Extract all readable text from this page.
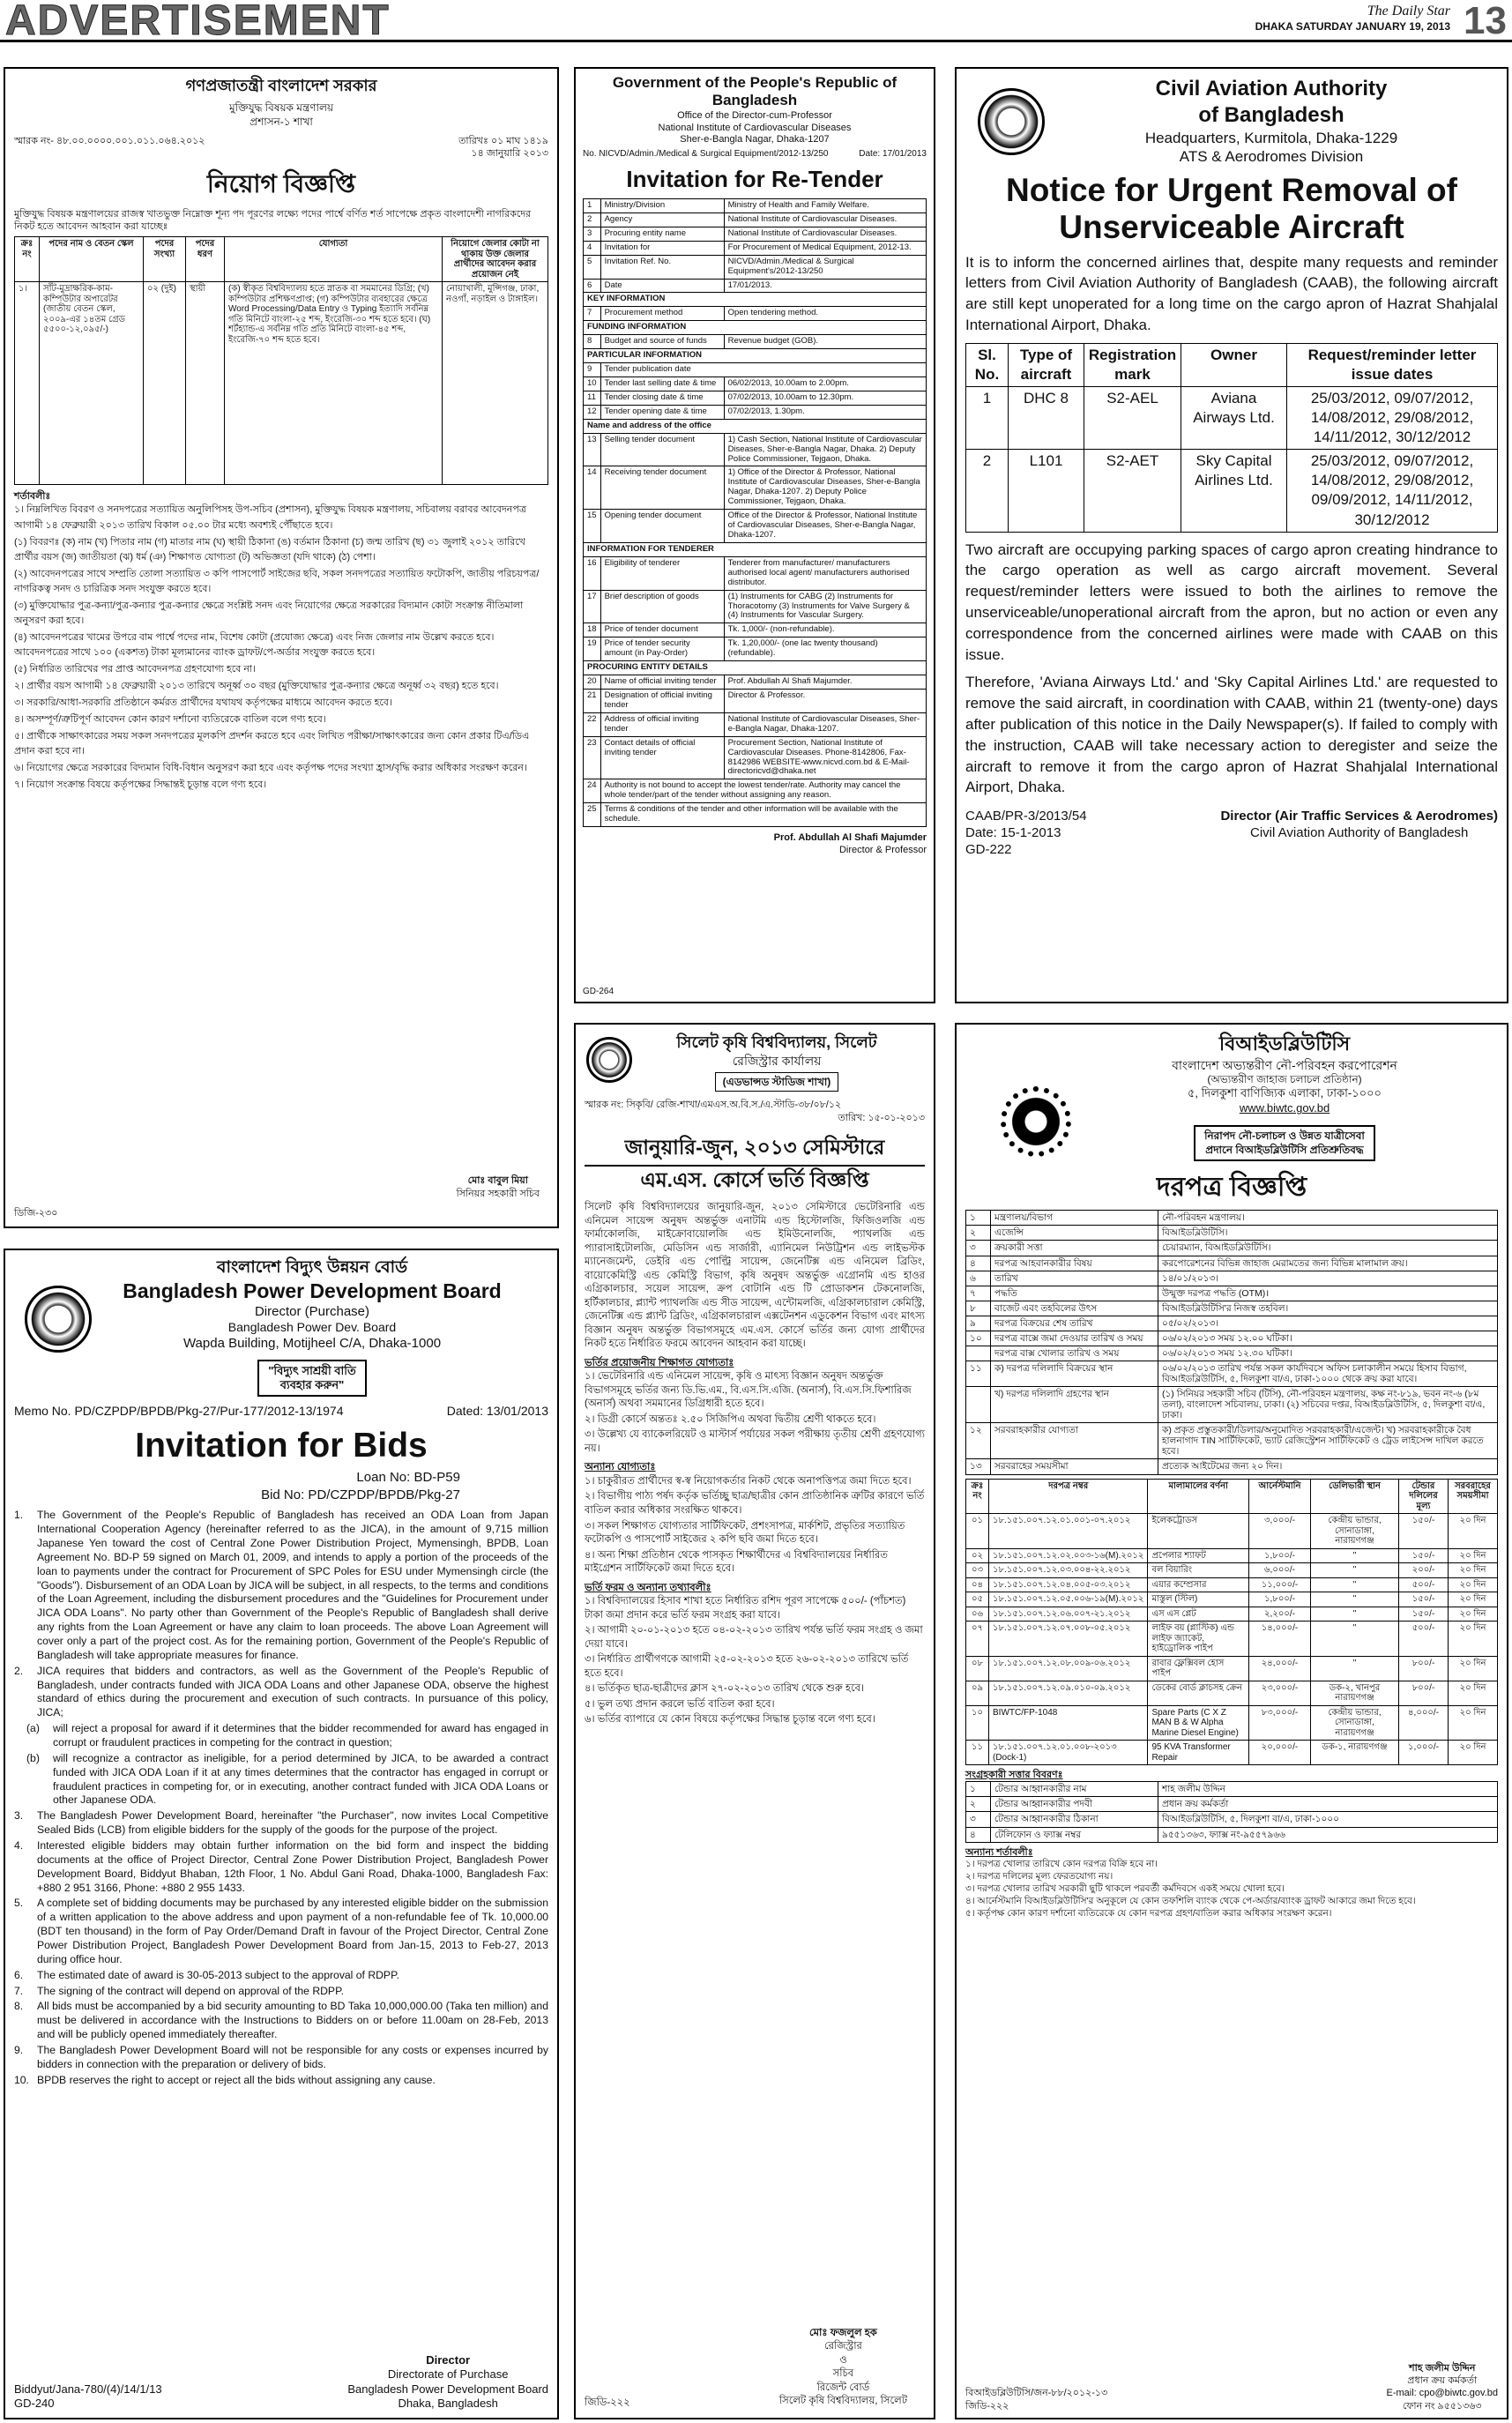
ADVERTISEMENT	The Daily Star
DHAKA SATURDAY JANUARY 19, 2013 13
গণপ্রজাতন্ত্রী বাংলাদেশ সরকার
মুক্তিযুদ্ধ বিষয়ক মন্ত্রণালয়
প্রশাসন-১ শাখা
স্মারক নং- ৪৮.০০.০০০০.০০১.০১১.০৬৪.২০১২	তারিখঃ ০১ মাঘ ১৪১৯
১৪ জানুয়ারি ২০১৩
নিয়োগ বিজ্ঞপ্তি
মুক্তিযুদ্ধ বিষয়ক মন্ত্রণালয়ের রাজস্ব খাতভুক্ত নিম্নোক্ত শূন্য পদ পূরণের লক্ষ্যে পদের পার্শ্বে বর্ণিত শর্ত সাপেক্ষে প্রকৃত বাংলাদেশী নাগরিকদের নিকট হতে আবেদন আহবান করা যাচ্ছেঃ
ক্রঃ নং	পদের নাম ও বেতন স্কেল	পদের সংখ্যা	পদের ধরণ	যোগ্যতা	নিয়োগে জেলার কোটা না থাকায় উক্ত জেলার প্রার্থীদের আবেদন করার প্রয়োজন নেই
১।	সাঁট-মুদ্রাক্ষরিক-কাম-কম্পিউটার অপারেটর (জাতীয় বেতন স্কেল, ২০০৯-এর ১৪তম গ্রেড ৫৫০০-১২,০৯৫/-)	০২ (দুই)	স্থায়ী	(ক) স্বীকৃত বিশ্ববিদ্যালয় হতে স্নাতক বা সমমানের ডিগ্রি; (খ) কম্পিউটার প্রশিক্ষণপ্রাপ্ত; (গ) কম্পিউটার ব্যবহারের ক্ষেত্রে Word Processing/Data Entry ও Typing ইত্যাদি সর্বনিম্ন গতি মিনিটে বাংলা-২৫ শব্দ, ইংরেজি-৩০ শব্দ হতে হবে। (ঘ) শর্টহ্যান্ড-এ সর্বনিম্ন গতি প্রতি মিনিটে বাংলা-৪৫ শব্দ, ইংরেজি-৭০ শব্দ হতে হবে।	নোয়াখালী, মুন্সিগঞ্জ, ঢাকা, নওগাঁ, নড়াইল ও টাঙ্গাইল।
শর্তাবলীঃ

১। নিম্নলিখিত বিবরণ ও সনদপত্রের সত্যায়িত অনুলিপিসহ উপ-সচিব (প্রশাসন), মুক্তিযুদ্ধ বিষয়ক মন্ত্রণালয়, সচিবালয় বরাবর আবেদনপত্র আগামী ১৪ ফেব্রুয়ারী ২০১৩ তারিখ বিকাল ০৫.০০ টার মধ্যে অবশ্যই পৌঁছাতে হবে।

(১) বিবরণঃ (ক) নাম (খ) পিতার নাম (গ) মাতার নাম (ঘ) স্থায়ী ঠিকানা (ঙ) বর্তমান ঠিকানা (চ) জন্ম তারিখ (ছ) ৩১ জুলাই ২০১২ তারিখে প্রার্থীর বয়স (জ) জাতীয়তা (ঝ) ধর্ম (ঞ) শিক্ষাগত যোগ্যতা (ট) অভিজ্ঞতা (যদি থাকে) (ঠ) পেশা।

(২) আবেদনপত্রের সাথে সম্প্রতি তোলা সত্যায়িত ৩ কপি পাসপোর্ট সাইজের ছবি, সকল সনদপত্রের সত্যায়িত ফটোকপি, জাতীয় পরিচয়পত্র/নাগরিকত্ব সনদ ও চারিত্রিক সনদ সংযুক্ত করতে হবে।

(৩) মুক্তিযোদ্ধার পুত্র-কন্যা/পুত্র-কন্যার পুত্র-কন্যার ক্ষেত্রে সংশ্লিষ্ট সনদ এবং নিয়োগের ক্ষেত্রে সরকারের বিদ্যমান কোটা সংক্রান্ত নীতিমালা অনুসরণ করা হবে।

(৪) আবেদনপত্রের খামের উপরে বাম পার্শ্বে পদের নাম, বিশেষ কোটা (প্রযোজ্য ক্ষেত্রে) এবং নিজ জেলার নাম উল্লেখ করতে হবে। আবেদনপত্রের সাথে ১০০ (একশত) টাকা মূল্যমানের ব্যাংক ড্রাফট/পে-অর্ডার সংযুক্ত করতে হবে।

(৫) নির্ধারিত তারিখের পর প্রাপ্ত আবেদনপত্র গ্রহণযোগ্য হবে না।

২। প্রার্থীর বয়স আগামী ১৪ ফেব্রুয়ারী ২০১৩ তারিখে অনূর্ধ্ব ৩০ বছর (মুক্তিযোদ্ধার পুত্র-কন্যার ক্ষেত্রে অনূর্ধ্ব ৩২ বছর) হতে হবে।

৩। সরকারি/আধা-সরকারি প্রতিষ্ঠানে কর্মরত প্রার্থীদের যথাযথ কর্তৃপক্ষের মাধ্যমে আবেদন করতে হবে।

৪। অসম্পূর্ণ/ত্রুটিপূর্ণ আবেদন কোন কারণ দর্শানো ব্যতিরেকে বাতিল বলে গণ্য হবে।

৫। প্রার্থীকে সাক্ষাৎকারের সময় সকল সনদপত্রের মূলকপি প্রদর্শন করতে হবে এবং লিখিত পরীক্ষা/সাক্ষাৎকারের জন্য কোন প্রকার টিএ/ডিএ প্রদান করা হবে না।

৬। নিয়োগের ক্ষেত্রে সরকারের বিদ্যমান বিধি-বিধান অনুসরণ করা হবে এবং কর্তৃপক্ষ পদের সংখ্যা হ্রাস/বৃদ্ধি করার অধিকার সংরক্ষণ করেন।

৭। নিয়োগ সংক্রান্ত বিষয়ে কর্তৃপক্ষের সিদ্ধান্তই চূড়ান্ত বলে গণ্য হবে।

মোঃ বাবুল মিয়া
সিনিয়র সহকারী সচিব
ডিজি-২৩০
Government of the People's Republic of Bangladesh
Office of the Director-cum-Professor
National Institute of Cardiovascular Diseases
Sher-e-Bangla Nagar, Dhaka-1207
No. NICVD/Admin./Medical & Surgical Equipment/2012-13/250	Date: 17/01/2013
Invitation for Re-Tender
1	Ministry/Division	Ministry of Health and Family Welfare.
2	Agency	National Institute of Cardiovascular Diseases.
3	Procuring entity name	National Institute of Cardiovascular Diseases.
4	Invitation for	For Procurement of Medical Equipment, 2012-13.
5	Invitation Ref. No.	NICVD/Admin./Medical & Surgical Equipment's/2012-13/250
6	Date	17/01/2013.
KEY INFORMATION		
7	Procurement method	Open tendering method.
FUNDING INFORMATION		
8	Budget and source of funds	Revenue budget (GOB).
PARTICULAR INFORMATION		
9	Tender publication date	
10	Tender last selling date & time	06/02/2013, 10.00am to 2.00pm.
11	Tender closing date & time	07/02/2013, 10.00am to 12.30pm.
12	Tender opening date & time	07/02/2013, 1.30pm.
Name and address of the office		
13	Selling tender document	1) Cash Section, National Institute of Cardiovascular Diseases, Sher-e-Bangla Nagar, Dhaka. 2) Deputy Police Commissioner, Tejgaon, Dhaka.
14	Receiving tender document	1) Office of the Director & Professor, National Institute of Cardiovascular Diseases, Sher-e-Bangla Nagar, Dhaka-1207. 2) Deputy Police Commissioner, Tejgaon, Dhaka.
15	Opening tender document	Office of the Director & Professor, National Institute of Cardiovascular Diseases, Sher-e-Bangla Nagar, Dhaka-1207.
INFORMATION FOR TENDERER		
16	Eligibility of tenderer	Tenderer from manufacturer/ manufacturers authorised local agent/ manufacturers authorised distributor.
17	Brief description of goods	(1) Instruments for CABG (2) Instruments for Thoracotomy (3) Instruments for Valve Surgery & (4) Instruments for Vascular Surgery.
18	Price of tender document	Tk. 1,000/- (non-refundable).
19	Price of tender security amount (in Pay-Order)	Tk. 1,20,000/- (one lac twenty thousand) (refundable).
PROCURING ENTITY DETAILS		
20	Name of official inviting tender	Prof. Abdullah Al Shafi Majumder.
21	Designation of official inviting tender	Director & Professor.
22	Address of official inviting tender	National Institute of Cardiovascular Diseases, Sher-e-Bangla Nagar, Dhaka-1207.
23	Contact details of official inviting tender	Procurement Section, National Institute of Cardiovascular Diseases. Phone-8142806, Fax-8142986 WEBSITE-www.nicvd.com.bd & E-Mail-directoricvd@dhaka.net
24	Authority is not bound to accept the lowest tender/rate. Authority may cancel the whole tender/part of the tender without assigning any reason.	
25	Terms & conditions of the tender and other information will be available with the schedule.	
Prof. Abdullah Al Shafi Majumder
Director & Professor
GD-264
Civil Aviation Authority
of Bangladesh
Headquarters, Kurmitola, Dhaka-1229
ATS & Aerodromes Division
Notice for Urgent Removal of
Unserviceable Aircraft
It is to inform the concerned airlines that, despite many requests and reminder letters from Civil Aviation Authority of Bangladesh (CAAB), the following aircraft are still kept unoperated for a long time on the cargo apron of Hazrat Shahjalal International Airport, Dhaka.
Sl. No.	Type of aircraft	Registration mark	Owner	Request/reminder letter issue dates
1	DHC 8	S2-AEL	Aviana Airways Ltd.	25/03/2012, 09/07/2012, 14/08/2012, 29/08/2012, 14/11/2012, 30/12/2012
2	L101	S2-AET	Sky Capital Airlines Ltd.	25/03/2012, 09/07/2012, 14/08/2012, 29/08/2012, 09/09/2012, 14/11/2012, 30/12/2012
Two aircraft are occupying parking spaces of cargo apron creating hindrance to the cargo operation as well as cargo aircraft movement. Several request/reminder letters were issued to both the airlines to remove the unserviceable/unoperational aircraft from the apron, but no action or even any correspondence from the concerned airlines were made with CAAB on this issue.
Therefore, 'Aviana Airways Ltd.' and 'Sky Capital Airlines Ltd.' are requested to remove the said aircraft, in coordination with CAAB, within 21 (twenty-one) days after publication of this notice in the Daily Newspaper(s). If failed to comply with the instruction, CAAB will take necessary action to deregister and seize the aircraft to remove it from the cargo apron of Hazrat Shahjalal International Airport, Dhaka.
CAAB/PR-3/2013/54
Date: 15-1-2013
GD-222
Director (Air Traffic Services & Aerodromes)
Civil Aviation Authority of Bangladesh
বাংলাদেশ বিদ্যুৎ উন্নয়ন বোর্ড
Bangladesh Power Development Board
Director (Purchase)
Bangladesh Power Dev. Board
Wapda Building, Motijheel C/A, Dhaka-1000
"বিদ্যুৎ সাশ্রয়ী বাতি
ব্যবহার করুন"
Memo No. PD/CZPDP/BPDB/Pkg-27/Pur-177/2012-13/1974	Dated: 13/01/2013
Invitation for Bids
Loan No: BD-P59
Bid No: PD/CZPDP/BPDB/Pkg-27
1.	The Government of the People's Republic of Bangladesh has received an ODA Loan from Japan International Cooperation Agency (hereinafter referred to as the JICA), in the amount of 9,715 million Japanese Yen toward the cost of Central Zone Power Distribution Project, Mymensingh, BPDB, Loan Agreement No. BD-P 59 signed on March 01, 2009, and intends to apply a portion of the proceeds of the loan to payments under the contract for Procurement of SPC Poles for ESU under Mymensingh circle (the "Goods"). Disbursement of an ODA Loan by JICA will be subject, in all respects, to the terms and conditions of the Loan Agreement, including the disbursement procedures and the "Guidelines for Procurement under JICA ODA Loans". No party other than Government of the People's Republic of Bangladesh shall derive any rights from the Loan Agreement or have any claim to loan proceeds. The above Loan Agreement will cover only a part of the project cost. As for the remaining portion, Government of the People's Republic of Bangladesh will take appropriate measures for finance.
2.	JICA requires that bidders and contractors, as well as the Government of the People's Republic of Bangladesh, under contracts funded with JICA ODA Loans and other Japanese ODA, observe the highest standard of ethics during the procurement and execution of such contracts. In pursuance of this policy, JICA;
(a)	will reject a proposal for award if it determines that the bidder recommended for award has engaged in corrupt or fraudulent practices in competing for the contract in question;
(b)	will recognize a contractor as ineligible, for a period determined by JICA, to be awarded a contract funded with JICA ODA Loan if it at any times determines that the contractor has engaged in corrupt or fraudulent practices in competing for, or in executing, another contract funded with JICA ODA Loans or other Japanese ODA.
3.	The Bangladesh Power Development Board, hereinafter "the Purchaser", now invites Local Competitive Sealed Bids (LCB) from eligible bidders for the supply of the goods for the purpose of the project.
4.	Interested eligible bidders may obtain further information on the bid form and inspect the bidding documents at the office of Project Director, Central Zone Power Distribution Project, Bangladesh Power Development Board, Biddyut Bhaban, 12th Floor, 1 No. Abdul Gani Road, Dhaka-1000, Bangladesh Fax: +880 2 951 3166, Phone: +880 2 955 1433.
5.	A complete set of bidding documents may be purchased by any interested eligible bidder on the submission of a written application to the above address and upon payment of a non-refundable fee of Tk. 10,000.00 (BDT ten thousand) in the form of Pay Order/Demand Draft in favour of the Project Director, Central Zone Power Distribution Project, Bangladesh Power Development Board from Jan-15, 2013 to Feb-27, 2013 during office hour.
6.	The estimated date of award is 30-05-2013 subject to the approval of RDPP.
7.	The signing of the contract will depend on approval of the RDPP.
8.	All bids must be accompanied by a bid security amounting to BD Taka 10,000,000.00 (Taka ten million) and must be delivered in accordance with the Instructions to Bidders on or before 11.00am on 28-Feb, 2013 and will be publicly opened immediately thereafter.
9.	The Bangladesh Power Development Board will not be responsible for any costs or expenses incurred by bidders in connection with the preparation or delivery of bids.
10. BPDB reserves the right to accept or reject all the bids without assigning any cause.
Biddyut/Jana-780/(4)/14/1/13
GD-240
Director
Directorate of Purchase
Bangladesh Power Development Board
Dhaka, Bangladesh
সিলেট কৃষি বিশ্ববিদ্যালয়, সিলেট
রেজিস্ট্রার কার্যালয়
(এডভান্সড স্টাডিজ শাখা)
স্মারক নং: সিকৃবি/ রেজি-শাখা/এমএস.অ.বি.স./এ.স্টাডি-৩৮/০৮/১২
তারিখ: ১৫-০১-২০১৩
জানুয়ারি-জুন, ২০১৩ সেমিস্টারে
এম.এস. কোর্সে ভর্তি বিজ্ঞপ্তি
সিলেট কৃষি বিশ্ববিদ্যালয়ের জানুয়ারি-জুন, ২০১৩ সেমিস্টারে ভেটেরিনারি এন্ড এনিমেল সায়েন্স অনুষদ অন্তর্ভুক্ত এনাটমি এন্ড হিস্টোলজি, ফিজিওলজি এন্ড ফার্মাকোলজি, মাইক্রোবায়োলজি এন্ড ইমিউনোলজি, প্যাথলজি এন্ড প্যারাসাইটোলজি, মেডিসিন এন্ড সার্জারী, এ্যানিমেল নিউট্রিশন এন্ড লাইভস্টক ম্যানেজমেন্ট, ডেইরি এন্ড পোল্ট্রি সায়েন্স, জেনেটিক্স এন্ড এনিমেল ব্রিডিং, বায়োকেমিস্ট্রি এন্ড কেমিস্ট্রি বিভাগ, কৃষি অনুষদ অন্তর্ভুক্ত এগ্রোনমি এন্ড হাওর এগ্রিকালচার, সয়েল সায়েন্স, ক্রপ বোটানি এন্ড টি প্রোডাকশন টেকনোলজি, হর্টিকালচার, প্ল্যান্ট প্যাথলজি এন্ড সীড সায়েন্স, এন্টোমলজি, এগ্রিকালচারাল কেমিস্ট্রি, জেনেটিক্স এন্ড প্ল্যান্ট ব্রিডিং, এগ্রিকালচারাল এক্সটেনশন এডুকেশন বিভাগ এবং মাৎস্য বিজ্ঞান অনুষদ অন্তর্ভুক্ত বিভাগসমূহে এম.এস. কোর্সে ভর্তির জন্য যোগ্য প্রার্থীদের নিকট হতে নির্ধারিত ফরমে আবেদন আহবান করা যাচ্ছে।
ভর্তির প্রয়োজনীয় শিক্ষাগত যোগ্যতাঃ

১। ভেটেরিনারি এন্ড এনিমেল সায়েন্স, কৃষি ও মাৎস্য বিজ্ঞান অনুষদ অন্তর্ভুক্ত বিভাগসমূহে ভর্তির জন্য ডি.ভি.এম., বি.এস.সি.এজি. (অনার্স), বি.এস.সি.ফিশারিজ (অনার্স) অথবা সমমানের ডিগ্রিধারী হতে হবে।

২। ডিগ্রী কোর্সে অন্ততঃ ২.৫০ সিজিপিএ অথবা দ্বিতীয় শ্রেণী থাকতে হবে।

৩। উল্লেখ্য যে ব্যাকেলরিয়েট ও মাস্টার্স পর্যায়ের সকল পরীক্ষায় তৃতীয় শ্রেণী গ্রহণযোগ্য নয়।

অন্যান্য যোগ্যতাঃ

১। চাকুরীরত প্রার্থীদের স্ব-স্ব নিয়োগকর্তার নিকট থেকে অনাপত্তিপত্র জমা দিতে হবে।

২। বিভাগীয় পাঠ্য পর্ষদ কর্তৃক ভর্তিচ্ছু ছাত্র/ছাত্রীর কোন প্রাতিষ্ঠানিক ত্রুটির কারণে ভর্তি বাতিল করার অধিকার সংরক্ষিত থাকবে।

৩। সকল শিক্ষাগত যোগ্যতার সার্টিফিকেট, প্রশংসাপত্র, মার্কশিট, প্রভৃতির সত্যায়িত ফটোকপি ও পাসপোর্ট সাইজের ২ কপি ছবি জমা দিতে হবে।

৪। অন্য শিক্ষা প্রতিষ্ঠান থেকে পাসকৃত শিক্ষার্থীদের এ বিশ্ববিদ্যালয়ের নির্ধারিত মাইগ্রেশন সার্টিফিকেট জমা দিতে হবে।

ভর্তি ফরম ও অন্যান্য তথ্যাবলীঃ

১। বিশ্ববিদ্যালয়ের হিসাব শাখা হতে নির্ধারিত রশিদ পূরণ সাপেক্ষে ৫০০/- (পাঁচশত) টাকা জমা প্রদান করে ভর্তি ফরম সংগ্রহ করা যাবে।

২। আগামী ২০-০১-২০১৩ হতে ০৪-০২-২০১৩ তারিখ পর্যন্ত ভর্তি ফরম সংগ্রহ ও জমা দেয়া যাবে।

৩। নির্ধারিত প্রার্থীগণকে আগামী ২৫-০২-২০১৩ হতে ২৬-০২-২০১৩ তারিখে ভর্তি হতে হবে।

৪। ভর্তিকৃত ছাত্র-ছাত্রীদের ক্লাস ২৭-০২-২০১৩ তারিখ থেকে শুরু হবে।

৫। ভুল তথ্য প্রদান করলে ভর্তি বাতিল করা হবে।

৬। ভর্তির ব্যাপারে যে কোন বিষয়ে কর্তৃপক্ষের সিদ্ধান্ত চূড়ান্ত বলে গণ্য হবে।

মোঃ ফজলুল হক
রেজিস্ট্রার
ও
সচিব
রিজেন্ট বোর্ড
সিলেট কৃষি বিশ্ববিদ্যালয়, সিলেট
জিডি-২২২
বিআইডব্লিউটিসি
বাংলাদেশ অভ্যন্তরীণ নৌ-পরিবহন করপোরেশন
(অভ্যন্তরীণ জাহাজ চলাচল প্রতিষ্ঠান)
৫, দিলকুশা বাণিজ্যিক এলাকা, ঢাকা-১০০০
www.biwtc.gov.bd
নিরাপদ নৌ-চলাচল ও উন্নত যাত্রীসেবা
প্রদানে বিআইডব্লিউটিসি প্রতিশ্রুতিবদ্ধ
দরপত্র বিজ্ঞপ্তি
১	মন্ত্রণালয়/বিভাগ	নৌ-পরিবহন মন্ত্রণালয়।
২	এজেন্সি	বিআইডব্লিউটিসি।
৩	ক্রয়কারী সত্তা	চেয়ারম্যান, বিআইডব্লিউটিসি।
৪	দরপত্র আহবানকারীর বিষয়	করপোরেশনের বিভিন্ন জাহাজ মেরামতের জন্য বিভিন্ন মালামাল ক্রয়।
৬	তারিখ	১৪/০১/২০১৩।
৭	পদ্ধতি	উন্মুক্ত দরপত্র পদ্ধতি (OTM)।
৮	বাজেট এবং তহবিলের উৎস	বিআইডব্লিউটিসি'র নিজস্ব তহবিল।
৯	দরপত্র বিক্রয়ের শেষ তারিখ	০৫/০২/২০১৩।
১০	দরপত্র বাক্সে জমা দেওয়ার তারিখ ও সময়	০৬/০২/২০১৩ সময় ১২.০০ ঘটিকা।
	দরপত্র বাক্স খোলার তারিখ ও সময়	০৬/০২/২০১৩ সময় ১২.৩০ ঘটিকা।
১১	ক) দরপত্র দলিলাদি বিক্রয়ের স্থান	০৬/০২/২০১৩ তারিখ পর্যন্ত সকল কার্যদিবসে অফিস চলাকালীন সময়ে হিসাব বিভাগ, বিআইডব্লিউটিসি, ৫, দিলকুশা বা/এ, ঢাকা-১০০০ থেকে ক্রয় করা যাবে।
	খ) দরপত্র দলিলাদি গ্রহণের স্থান	(১) সিনিয়র সহকারী সচিব (টিসি), নৌ-পরিবহন মন্ত্রণালয়, কক্ষ নং-৮১৯, ভবন নং-৬ (৮ম তলা), বাংলাদেশ সচিবালয়, ঢাকা। (২) সচিবের দপ্তর, বিআইডব্লিউটিসি, ৫, দিলকুশা বা/এ, ঢাকা।
১২	সরবরাহকারীর যোগ্যতা	ক) প্রকৃত প্রস্তুতকারী/ডিলার/অনুমোদিত সরবরাহকারী/এজেন্ট। খ) সরবরাহকারীকে বৈধ হালনাগাদ TIN সার্টিফিকেট, ভ্যাট রেজিস্ট্রেশন সার্টিফিকেট ও ট্রেড লাইসেন্স দাখিল করতে হবে।
১৩	সরবরাহের সময়সীমা	প্রত্যেক আইটেমের জন্য ২০ দিন।
ক্রঃ নং	দরপত্র নম্বর	মালামালের বর্ণনা	আর্নেস্টমানি	ডেলিভারী স্থান	টেন্ডার দলিলের মূল্য	সরবরাহের সময়সীমা
০১	১৮.১৫১.০০৭.১২.০১.০০১-০৭.২০১২	ইলেকট্রোডস	৩,০০০/-	কেন্দ্রীয় ভান্ডার, সোনাডাঙ্গা, নারায়ণগঞ্জ	১৫০/-	২০ দিন
০২	১৮.১৫১.০০৭.১২.০২.০০৩-১৬(M).২০১২	প্রপেলার শ্যাফট	১,৮০০/-	"	১৫০/-	২০ দিন
০৩	১৮.১৫১.০০৭.১২.০৩.০০৪-২২.২০১২	বল বিয়ারিং	৬,০০০/-	"	২০০/-	২০ দিন
০৪	১৮.১৫১.০০৭.১২.০৪.০০৫-০৩.২০১২	এয়ার কম্প্রেসার	১১,০০০/-	"	৫০০/-	২০ দিন
০৫	১৮.১৫১.০০৭.১২.০৫.০০৬-১৯(M).২০১২	মাস্তুল (স্টিল)	১,৮০০/-	"	১৫০/-	২০ দিন
০৬	১৮.১৫১.০০৭.১২.০৬.০০৭-২১.২০১২	এস এস প্লেট	২,২০০/-	"	১৫০/-	২০ দিন
০৭	১৮.১৫১.০০৭.১২.০৭.০০৮-০৫.২০১২	লাইফ বয় (প্লাস্টিক) এন্ড লাইফ জ্যাকেট, হাইড্রোলিক পাইপ	১৪,০০০/-	"	৫০০/-	২০ দিন
০৮	১৮.১৫১.০০৭.১২.০৮.০০৯-০৬.২০১২	রাবার ফ্লেক্সিবল হোস পাইপ	২৪,০০০/-	"	৮০০/-	২০ দিন
০৯	১৮.১৫১.০০৭.১২.০৯.০১০-০৯.২০১২	ডেকের বোর্ড ক্লাচসহ ক্রেন	২৩,০০০/-	ডক-২, খানপুর নারায়ণগঞ্জ	৮০০/-	২০ দিন
১০	BIWTC/FP-1048	Spare Parts (C X Z MAN B & W Alpha Marine Diesel Engine)	৮৩,০০০/-	কেন্দ্রীয় ভান্ডার, সোনাডাঙ্গা, নারায়ণগঞ্জ	৪,০০০/-	২০ দিন
১১	১৮.১৫১.০০৭.১২.০১.০০৮-২০১৩ (Dock-1)	95 KVA Transformer Repair	২০,০০০/-	ডক-১, নারায়ণগঞ্জ	১,০০০/-	২০ দিন
সংগ্রহকারী সত্তার বিবরণঃ
১	টেন্ডার আহ্বানকারীর নাম	শাহ জলীম উদ্দিন
২	টেন্ডার আহ্বানকারীর পদবী	প্রধান ক্রয় কর্মকর্তা
৩	টেন্ডার আহ্বানকারীর ঠিকানা	বিআইডব্লিউটিসি, ৫, দিলকুশা বা/এ, ঢাকা-১০০০
৪	টেলিফোন ও ফ্যাক্স নম্বর	৯৫৫১৩৬৩, ফ্যাক্স নং-৯৫৫৭৯৬৬
অন্যান্য শর্তাবলীঃ

১। দরপত্র খোলার তারিখে কোন দরপত্র বিক্রি হবে না।

২। দরপত্র দলিলের মূল্য ফেরতযোগ্য নয়।

৩। দরপত্র খোলার তারিখ সরকারী ছুটি থাকলে পরবর্তী কর্মদিবসে একই সময়ে খোলা হবে।

৪। আর্নেস্টমানি বিআইডব্লিউটিসি'র অনুকূলে যে কোন তফশিলি ব্যাংক থেকে পে-অর্ডার/ব্যাংক ড্রাফট আকারে জমা দিতে হবে।

৫। কর্তৃপক্ষ কোন কারণ দর্শানো ব্যতিরেকে যে কোন দরপত্র গ্রহণ/বাতিল করার অধিকার সংরক্ষণ করেন।

বিআইডব্লিউটিসি/জন-৮৮/২০১২-১৩
জিডি-২২২
শাহ জলীম উদ্দিন
প্রধান ক্রয় কর্মকর্তা
E-mail: cpo@biwtc.gov.bd
ফোন নং ৯৫৫১৩৬৩
